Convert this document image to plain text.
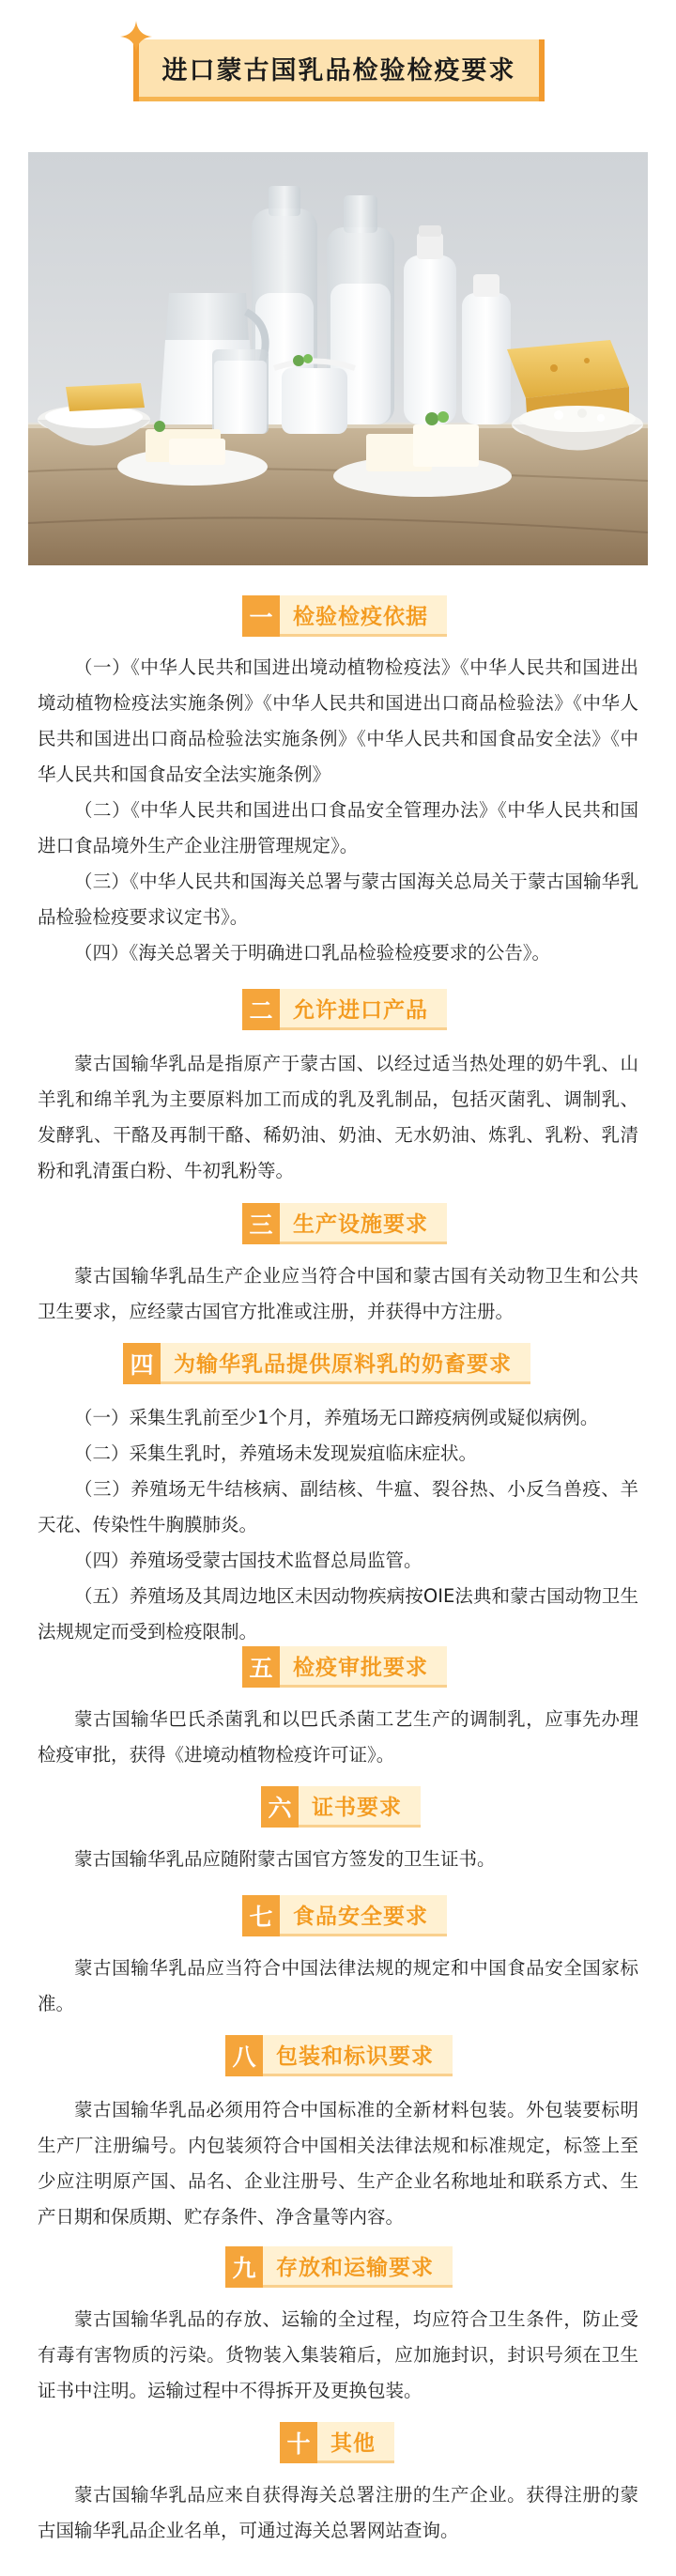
进口蒙古国乳品检验检疫要求
一 检验检疫依据

（一）《中华人民共和国进出境动植物检疫法》《中华人民共和国进出境动植物检疫法实施条例》《中华人民共和国进出口商品检验法》《中华人民共和国进出口商品检验法实施条例》《中华人民共和国食品安全法》《中华人民共和国食品安全法实施条例》

（二）《中华人民共和国进出口食品安全管理办法》《中华人民共和国进口食品境外生产企业注册管理规定》。

（三）《中华人民共和国海关总署与蒙古国海关总局关于蒙古国输华乳品检验检疫要求议定书》。

（四）《海关总署关于明确进口乳品检验检疫要求的公告》。

二 允许进口产品

蒙古国输华乳品是指原产于蒙古国、以经过适当热处理的奶牛乳、山羊乳和绵羊乳为主要原料加工而成的乳及乳制品，包括灭菌乳、调制乳、发酵乳、干酪及再制干酪、稀奶油、奶油、无水奶油、炼乳、乳粉、乳清粉和乳清蛋白粉、牛初乳粉等。

三 生产设施要求

蒙古国输华乳品生产企业应当符合中国和蒙古国有关动物卫生和公共卫生要求，应经蒙古国官方批准或注册，并获得中方注册。

四 为输华乳品提供原料乳的奶畜要求

（一）采集生乳前至少1个月，养殖场无口蹄疫病例或疑似病例。

（二）采集生乳时，养殖场未发现炭疽临床症状。

（三）养殖场无牛结核病、副结核、牛瘟、裂谷热、小反刍兽疫、羊天花、传染性牛胸膜肺炎。

（四）养殖场受蒙古国技术监督总局监管。

（五）养殖场及其周边地区未因动物疾病按OIE法典和蒙古国动物卫生法规规定而受到检疫限制。

五 检疫审批要求

蒙古国输华巴氏杀菌乳和以巴氏杀菌工艺生产的调制乳，应事先办理检疫审批，获得《进境动植物检疫许可证》。

六 证书要求

蒙古国输华乳品应随附蒙古国官方签发的卫生证书。

七 食品安全要求

蒙古国输华乳品应当符合中国法律法规的规定和中国食品安全国家标准。

八 包装和标识要求

蒙古国输华乳品必须用符合中国标准的全新材料包装。外包装要标明生产厂注册编号。内包装须符合中国相关法律法规和标准规定，标签上至少应注明原产国、品名、企业注册号、生产企业名称地址和联系方式、生产日期和保质期、贮存条件、净含量等内容。

九 存放和运输要求

蒙古国输华乳品的存放、运输的全过程，均应符合卫生条件，防止受有毒有害物质的污染。货物装入集装箱后，应加施封识，封识号须在卫生证书中注明。运输过程中不得拆开及更换包装。

十 其他

蒙古国输华乳品应来自获得海关总署注册的生产企业。获得注册的蒙古国输华乳品企业名单，可通过海关总署网站查询。
